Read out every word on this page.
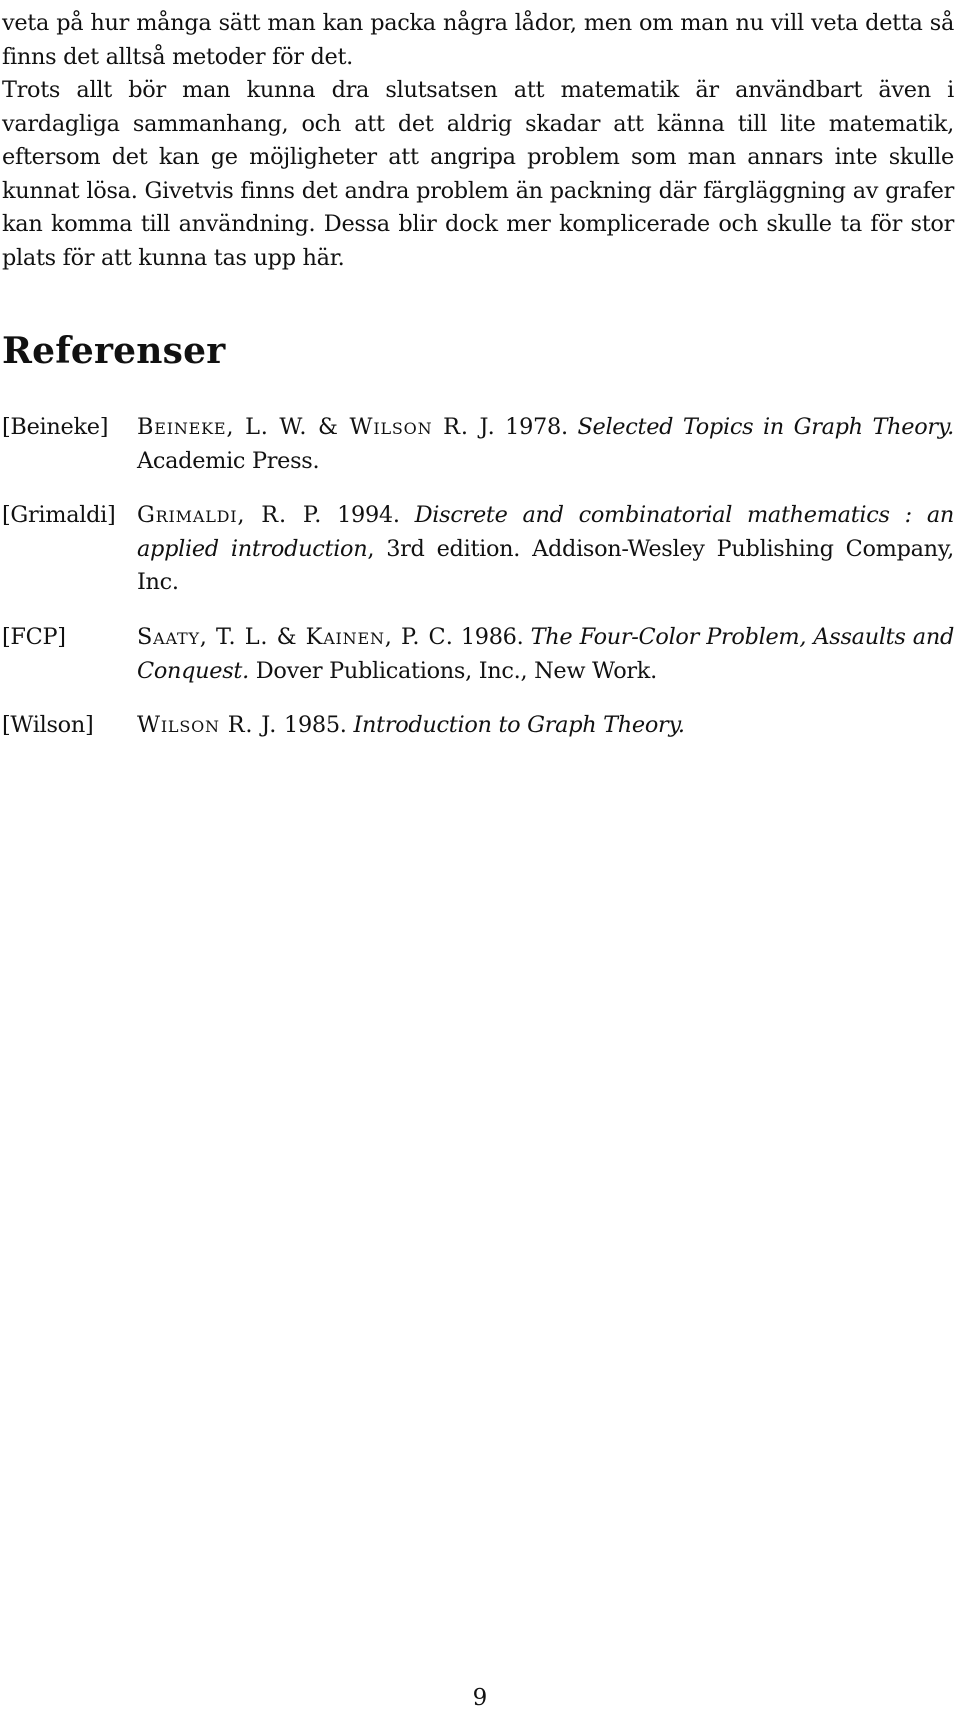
veta på hur många sätt man kan packa några lådor, men om man nu vill veta detta så finns det alltså metoder för det.

Trots allt bör man kunna dra slutsatsen att matematik är användbart även i vardagliga sammanhang, och att det aldrig skadar att känna till lite matematik, eftersom det kan ge möjligheter att angripa problem som man annars inte skulle kunnat lösa. Givetvis finns det andra problem än packning där färgläggning av grafer kan komma till användning. Dessa blir dock mer komplicerade och skulle ta för stor plats för att kunna tas upp här.

Referenser
[Beineke] Beineke, L. W. & Wilson R. J. 1978. Selected Topics in Graph Theory. Academic Press.
[Grimaldi] Grimaldi, R. P. 1994. Discrete and combinatorial mathematics : an applied introduction, 3rd edition. Addison-Wesley Publishing Company, Inc.
[FCP]	Saaty, T. L. & Kainen, P. C. 1986. The Four-Color Problem, Assaults and Conquest. Dover Publications, Inc., New Work.
[Wilson] Wilson R. J. 1985. Introduction to Graph Theory.
9
